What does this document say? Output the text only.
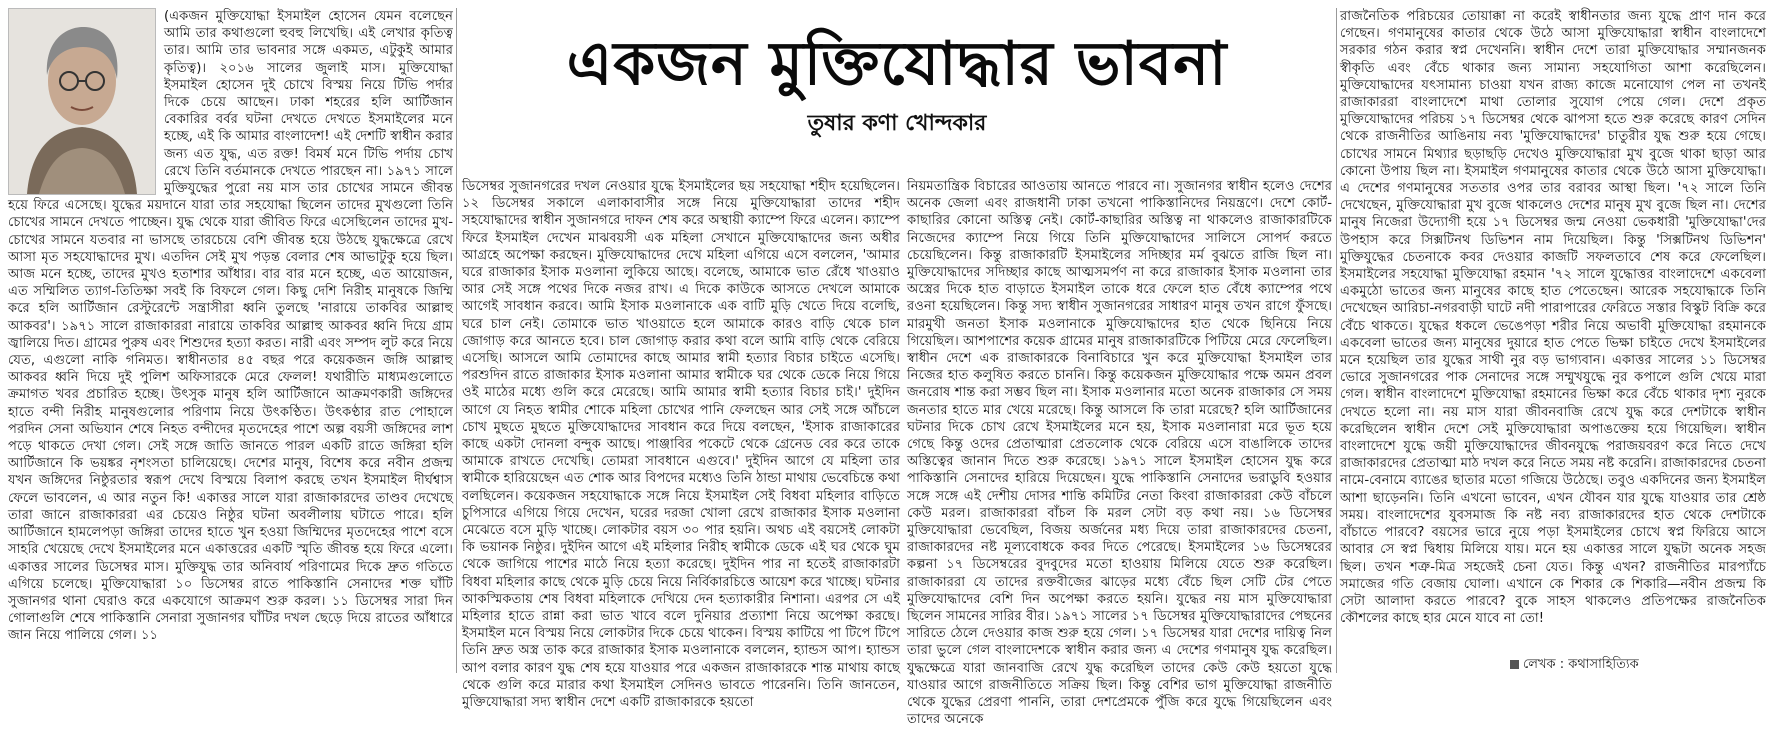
(একজন মুক্তিযোদ্ধা ইসমাইল হোসেন যেমন বলেছেন আমি তার কথাগুলো হুবহু লিখেছি। এই লেখার কৃতিত্ব তার। আমি তার ভাবনার সঙ্গে একমত, এটুকুই আমার কৃতিত্ব)। ২০১৬ সালের জুলাই মাস। মুক্তিযোদ্ধা ইসমাইল হোসেন দুই চোখে বিস্ময় নিয়ে টিভি পর্দার দিকে চেয়ে আছেন। ঢাকা শহরের হলি আর্টিজান বেকারির বর্বর ঘটনা দেখতে দেখতে ইসমাইলের মনে হচ্ছে, এই কি আমার বাংলাদেশ! এই দেশটি স্বাধীন করার জন্য এত যুদ্ধ, এত রক্ত! বিমর্ষ মনে টিভি পর্দায় চোখ রেখে তিনি বর্তমানকে দেখতে পারছেন না। ১৯৭১ সালে মুক্তিযুদ্ধের পুরো নয় মাস তার চোখের সামনে জীবন্ত হয়ে ফিরে এসেছে। যুদ্ধের ময়দানে যারা তার সহযোদ্ধা ছিলেন তাদের মুখগুলো তিনি চোখের সামনে দেখতে পাচ্ছেন। যুদ্ধ থেকে যারা জীবিত ফিরে এসেছিলেন তাদের মুখ-চোখের সামনে যতবার না ভাসছে তারচেয়ে বেশি জীবন্ত হয়ে উঠছে যুদ্ধক্ষেত্রে রেখে আসা মৃত সহযোদ্ধাদের মুখ। এতদিন সেই মুখ পড়ন্ত বেলার শেষ আভাটুকু হয়ে ছিল। আজ মনে হচ্ছে, তাদের মুখও হতাশার আঁধার। বার বার মনে হচ্ছে, এত আয়োজন, এত সম্মিলিত ত্যাগ-তিতিক্ষা সবই কি বিফলে গেল। কিছু দেশি নিরীহ মানুষকে জিম্মি করে হলি আর্টিজান রেস্টুরেন্টে সন্ত্রাসীরা ধ্বনি তুলছে 'নারায়ে তাকবির আল্লাহু আকবর'। ১৯৭১ সালে রাজাকাররা নারায়ে তাকবির আল্লাহু আকবর ধ্বনি দিয়ে গ্রাম জ্বালিয়ে দিত। গ্রামের পুরুষ এবং শিশুদের হত্যা করত। নারী এবং সম্পদ লুট করে নিয়ে যেত, এগুলো নাকি গনিমত। স্বাধীনতার ৪৫ বছর পরে কয়েকজন জঙ্গি আল্লাহু আকবর ধ্বনি দিয়ে দুই পুলিশ অফিসারকে মেরে ফেলল! যথারীতি মাধ্যমগুলোতে ক্রমাগত খবর প্রচারিত হচ্ছে। উৎসুক মানুষ হলি আর্টিজানে আক্রমণকারী জঙ্গিদের হাতে বন্দী নিরীহ মানুষগুলোর পরিণাম নিয়ে উৎকণ্ঠিত। উৎকণ্ঠার রাত পোহালে পরদিন সেনা অভিযান শেষে নিহত বন্দীদের মৃতদেহের পাশে অল্প বয়সী জঙ্গিদের লাশ পড়ে থাকতে দেখা গেল। সেই সঙ্গে জাতি জানতে পারল একটি রাতে জঙ্গিরা হলি আর্টিজানে কি ভয়ঙ্কর নৃশংসতা চালিয়েছে। দেশের মানুষ, বিশেষ করে নবীন প্রজন্ম যখন জঙ্গিদের নিষ্ঠুরতার স্বরূপ দেখে বিস্ময়ে বিলাপ করছে তখন ইসমাইল দীর্ঘশ্বাস ফেলে ভাবলেন, এ আর নতুন কি! একাত্তর সালে যারা রাজাকারদের তাণ্ডব দেখেছে তারা জানে রাজাকাররা এর চেয়েও নিষ্ঠুর ঘটনা অবলীলায় ঘটাতে পারে। হলি আর্টিজানে হামলেপড়া জঙ্গিরা তাদের হাতে খুন হওয়া জিম্মিদের মৃতদেহের পাশে বসে সাহরি খেয়েছে দেখে ইসমাইলের মনে একাত্তরের একটি স্মৃতি জীবন্ত হয়ে ফিরে এলো। একাত্তর সালের ডিসেম্বর মাস। মুক্তিযুদ্ধ তার অনিবার্য পরিণামের দিকে দ্রুত গতিতে এগিয়ে চলেছে। মুক্তিযোদ্ধারা ১০ ডিসেম্বর রাতে পাকিস্তানি সেনাদের শক্ত ঘাঁটি সুজানগর থানা ঘেরাও করে একযোগে আক্রমণ শুরু করল। ১১ ডিসেম্বর সারা দিন গোলাগুলি শেষে পাকিস্তানি সেনারা সুজানগর ঘাঁটির দখল ছেড়ে দিয়ে রাতের আঁধারে জান নিয়ে পালিয়ে গেল। ১১

একজন মুক্তিযোদ্ধার ভাবনা
তুষার কণা খোন্দকার

ডিসেম্বর সুজানগরের দখল নেওয়ার যুদ্ধে ইসমাইলের ছয় সহযোদ্ধা শহীদ হয়েছিলেন। ১২ ডিসেম্বর সকালে এলাকাবাসীর সঙ্গে নিয়ে মুক্তিযোদ্ধারা তাদের শহীদ সহযোদ্ধাদের স্বাধীন সুজানগরে দাফন শেষ করে অস্থায়ী ক্যাম্পে ফিরে এলেন। ক্যাম্পে ফিরে ইসমাইল দেখেন মাঝবয়সী এক মহিলা সেখানে মুক্তিযোদ্ধাদের জন্য অধীর আগ্রহে অপেক্ষা করছেন। মুক্তিযোদ্ধাদের দেখে মহিলা এগিয়ে এসে বললেন, 'আমার ঘরে রাজাকার ইসাক মওলানা লুকিয়ে আছে। বলেছে, আমাকে ভাত রেঁধে খাওয়াও আর সেই সঙ্গে পথের দিকে নজর রাখ। এ দিকে কাউকে আসতে দেখলে আমাকে আগেই সাবধান করবে। আমি ইসাক মওলানাকে এক বাটি মুড়ি খেতে দিয়ে বলেছি, ঘরে চাল নেই। তোমাকে ভাত খাওয়াতে হলে আমাকে কারও বাড়ি থেকে চাল জোগাড় করে আনতে হবে। চাল জোগাড় করার কথা বলে আমি বাড়ি থেকে বেরিয়ে এসেছি। আসলে আমি তোমাদের কাছে আমার স্বামী হত্যার বিচার চাইতে এসেছি। পরশুদিন রাতে রাজাকার ইসাক মওলানা আমার স্বামীকে ঘর থেকে ডেকে নিয়ে গিয়ে ওই মাঠের মধ্যে গুলি করে মেরেছে। আমি আমার স্বামী হত্যার বিচার চাই।' দুইদিন আগে যে নিহত স্বামীর শোকে মহিলা চোখের পানি ফেলছেন আর সেই সঙ্গে আঁচলে চোখ মুছতে মুছতে মুক্তিযোদ্ধাদের সাবধান করে দিয়ে বলছেন, 'ইসাক রাজাকারের কাছে একটা দোনলা বন্দুক আছে। পাঞ্জাবির পকেটে থেকে গ্রেনেড বের করে তাকে আমাকে রাখতে দেখেছি। তোমরা সাবধানে এগুবে।' দুইদিন আগে যে মহিলা তার স্বামীকে হারিয়েছেন এত শোক আর বিপদের মধ্যেও তিনি ঠান্ডা মাথায় ভেবেচিন্তে কথা বলছিলেন। কয়েকজন সহযোদ্ধাকে সঙ্গে নিয়ে ইসমাইল সেই বিধবা মহিলার বাড়িতে চুপিসারে এগিয়ে গিয়ে দেখেন, ঘরের দরজা খোলা রেখে রাজাকার ইসাক মওলানা মেঝেতে বসে মুড়ি খাচ্ছে। লোকটার বয়স ৩০ পার হয়নি। অথচ এই বয়সেই লোকটা কি ভয়ানক নিষ্ঠুর। দুইদিন আগে এই মহিলার নিরীহ স্বামীকে ডেকে এই ঘর থেকে ঘুম থেকে জাগিয়ে পাশের মাঠে নিয়ে হত্যা করেছে। দুইদিন পার না হতেই রাজাকারটা বিধবা মহিলার কাছে থেকে মুড়ি চেয়ে নিয়ে নির্বিকারচিত্তে আয়েশ করে খাচ্ছে। ঘটনার আকস্মিকতায় শেষ বিধবা মহিলাকে দেখিয়ে দেন হত্যাকারীর নিশানা। এরপর সে এই মহিলার হাতে রান্না করা ভাত খাবে বলে দুনিয়ার প্রত্যাশা নিয়ে অপেক্ষা করছে। ইসমাইল মনে বিস্ময় নিয়ে লোকটার দিকে চেয়ে থাকেন। বিস্ময় কাটিয়ে পা টিপে টিপে তিনি দ্রুত অস্ত্র তাক করে রাজাকার ইসাক মওলানাকে বললেন, হ্যান্ডস আপ। হ্যান্ডস আপ বলার কারণ যুদ্ধ শেষ হয়ে যাওয়ার পরে একজন রাজাকারকে শান্ত মাথায় কাছে থেকে গুলি করে মারার কথা ইসমাইল সেদিনও ভাবতে পারেননি। তিনি জানতেন, মুক্তিযোদ্ধারা সদ্য স্বাধীন দেশে একটি রাজাকারকে হয়তো

নিয়মতান্ত্রিক বিচারের আওতায় আনতে পারবে না। সুজানগর স্বাধীন হলেও দেশের অনেক জেলা এবং রাজধানী ঢাকা তখনো পাকিস্তানিদের নিয়ন্ত্রণে। দেশে কোর্ট-কাছারির কোনো অস্তিত্ব নেই। কোর্ট-কাছারির অস্তিত্ব না থাকলেও রাজাকারটিকে নিজেদের ক্যাম্পে নিয়ে গিয়ে তিনি মুক্তিযোদ্ধাদের সালিসে সোপর্দ করতে চেয়েছিলেন। কিন্তু রাজাকারটি ইসমাইলের সদিচ্ছার মর্ম বুঝতে রাজি ছিল না। মুক্তিযোদ্ধাদের সদিচ্ছার কাছে আত্মসমর্পণ না করে রাজাকার ইসাক মওলানা তার অস্ত্রের দিকে হাত বাড়াতে ইসমাইল তাকে ধরে ফেলে হাত বেঁধে ক্যাম্পের পথে রওনা হয়েছিলেন। কিন্তু সদ্য স্বাধীন সুজানগরের সাধারণ মানুষ তখন রাগে ফুঁসছে। মারমুখী জনতা ইসাক মওলানাকে মুক্তিযোদ্ধাদের হাত থেকে ছিনিয়ে নিয়ে গিয়েছিল। আশপাশের কয়েক গ্রামের মানুষ রাজাকারটিকে পিটিয়ে মেরে ফেলেছিল। স্বাধীন দেশে এক রাজাকারকে বিনাবিচারে খুন করে মুক্তিযোদ্ধা ইসমাইল তার নিজের হাত কলুষিত করতে চাননি। কিন্তু কয়েকজন মুক্তিযোদ্ধার পক্ষে অমন প্রবল জনরোষ শান্ত করা সম্ভব ছিল না। ইসাক মওলানার মতো অনেক রাজাকার সে সময় জনতার হাতে মার খেয়ে মরেছে। কিন্তু আসলে কি তারা মরেছে? হলি আর্টিজানের ঘটনার দিকে চোখ রেখে ইসমাইলের মনে হয়, ইসাক মওলানারা মরে ভূত হয়ে গেছে কিন্তু ওদের প্রেতাত্মারা প্রেতলোক থেকে বেরিয়ে এসে বাঙালিকে তাদের অস্তিত্বের জানান দিতে শুরু করেছে। ১৯৭১ সালে ইসমাইল হোসেন যুদ্ধ করে পাকিস্তানি সেনাদের হারিয়ে দিয়েছেন। যুদ্ধে পাকিস্তানি সেনাদের ভরাডুবি হওয়ার সঙ্গে সঙ্গে এই দেশীয় দোসর শান্তি কমিটির নেতা কিংবা রাজাকাররা কেউ বাঁচলে কেউ মরল। রাজাকাররা বাঁচল কি মরল সেটা বড় কথা নয়। ১৬ ডিসেম্বর মুক্তিযোদ্ধারা ভেবেছিল, বিজয় অর্জনের মধ্য দিয়ে তারা রাজাকারদের চেতনা, রাজাকারদের নষ্ট মূল্যবোধকে কবর দিতে পেরেছে। ইসমাইলের ১৬ ডিসেম্বরের কল্পনা ১৭ ডিসেম্বরের বুদবুদের মতো হাওয়ায় মিলিয়ে যেতে শুরু করেছিল। রাজাকাররা যে তাদের রক্তবীজের ঝাড়ের মধ্যে বেঁচে ছিল সেটি টের পেতে মুক্তিযোদ্ধাদের বেশি দিন অপেক্ষা করতে হয়নি। যুদ্ধের নয় মাস মুক্তিযোদ্ধারা ছিলেন সামনের সারির বীর। ১৯৭১ সালের ১৭ ডিসেম্বর মুক্তিযোদ্ধারাদের পেছনের সারিতে ঠেলে দেওয়ার কাজ শুরু হয়ে গেল। ১৭ ডিসেম্বর যারা দেশের দায়িত্ব নিল তারা ভুলে গেল বাংলাদেশকে স্বাধীন করার জন্য এ দেশের গণমানুষ যুদ্ধ করেছিল। যুদ্ধক্ষেত্রে যারা জানবাজি রেখে যুদ্ধ করেছিল তাদের কেউ কেউ হয়তো যুদ্ধে যাওয়ার আগে রাজনীতিতে সক্রিয় ছিল। কিন্তু বেশির ভাগ মুক্তিযোদ্ধা রাজনীতি থেকে যুদ্ধের প্রেরণা পাননি, তারা দেশপ্রেমকে পুঁজি করে যুদ্ধে গিয়েছিলেন এবং তাদের অনেকে

রাজনৈতিক পরিচয়ের তোয়াক্কা না করেই স্বাধীনতার জন্য যুদ্ধে প্রাণ দান করে গেছেন। গণমানুষের কাতার থেকে উঠে আসা মুক্তিযোদ্ধারা স্বাধীন বাংলাদেশে সরকার গঠন করার স্বপ্ন দেখেননি। স্বাধীন দেশে তারা মুক্তিযোদ্ধার সম্মানজনক স্বীকৃতি এবং বেঁচে থাকার জন্য সামান্য সহযোগিতা আশা করেছিলেন। মুক্তিযোদ্ধাদের যৎসামান্য চাওয়া যখন রাজ্য কাজে মনোযোগ পেল না তখনই রাজাকাররা বাংলাদেশে মাথা তোলার সুযোগ পেয়ে গেল। দেশে প্রকৃত মুক্তিযোদ্ধাদের পরিচয় ১৭ ডিসেম্বর থেকে ঝাপসা হতে শুরু করেছে কারণ সেদিন থেকে রাজনীতির আঙিনায় নব্য 'মুক্তিযোদ্ধাদের' চাতুরীর যুদ্ধ শুরু হয়ে গেছে। চোখের সামনে মিথ্যার ছড়াছড়ি দেখেও মুক্তিযোদ্ধারা মুখ বুজে থাকা ছাড়া আর কোনো উপায় ছিল না। ইসমাইল গণমানুষের কাতার থেকে উঠে আসা মুক্তিযোদ্ধা। এ দেশের গণমানুষের সততার ওপর তার বরাবর আস্থা ছিল। '৭২ সালে তিনি দেখেছেন, মুক্তিযোদ্ধারা মুখ বুজে থাকলেও দেশের মানুষ মুখ বুজে ছিল না। দেশের মানুষ নিজেরা উদ্যোগী হয়ে ১৭ ডিসেম্বর জন্ম নেওয়া ভেকধারী 'মুক্তিযোদ্ধা'দের উপহাস করে সিক্সটিনথ ডিভিশন নাম দিয়েছিল। কিন্তু 'সিক্সটিনথ ডিভিশন' মুক্তিযুদ্ধের চেতনাকে কবর দেওয়ার কাজটি সফলতাবে শেষ করে ফেলেছিল। ইসমাইলের সহযোদ্ধা মুক্তিযোদ্ধা রহমান '৭২ সালে যুদ্ধোত্তর বাংলাদেশে একবেলা একমুঠো ভাতের জন্য মানুষের কাছে হাত পেতেছেন। আরেক সহযোদ্ধাকে তিনি দেখেছেন আরিচা-নগরবাড়ী ঘাটে নদী পারাপারের ফেরিতে সস্তার বিস্কুট বিক্রি করে বেঁচে থাকতে। যুদ্ধের ধকলে ভেঙেপড়া শরীর নিয়ে অভাবী মুক্তিযোদ্ধা রহমানকে একবেলা ভাতের জন্য মানুষের দুয়ারে হাত পেতে ভিক্ষা চাইতে দেখে ইসমাইলের মনে হয়েছিল তার যুদ্ধের সাথী নুর বড় ভাগ্যবান। একাত্তর সালের ১১ ডিসেম্বর ভোরে সুজানগরের পাক সেনাদের সঙ্গে সম্মুখযুদ্ধে নুর কপালে গুলি খেয়ে মারা গেল। স্বাধীন বাংলাদেশে মুক্তিযোদ্ধা রহমানের ভিক্ষা করে বেঁচে থাকার দৃশ্য নুরকে দেখতে হলো না। নয় মাস যারা জীবনবাজি রেখে যুদ্ধ করে দেশটাকে স্বাধীন করেছিলেন স্বাধীন দেশে সেই মুক্তিযোদ্ধারা অপাঙক্তেয় হয়ে গিয়েছিল। স্বাধীন বাংলাদেশে যুদ্ধে জয়ী মুক্তিযোদ্ধাদের জীবনযুদ্ধে পরাজয়বরণ করে নিতে দেখে রাজাকারদের প্রেতাত্মা মাঠ দখল করে নিতে সময় নষ্ট করেনি। রাজাকারদের চেতনা নামে-বেনামে ব্যাঙের ছাতার মতো গজিয়ে উঠেছে। তবুও একদিনের জন্য ইসমাইল আশা ছাড়েননি। তিনি এখনো ভাবেন, এখন যৌবন যার যুদ্ধে যাওয়ার তার শ্রেষ্ঠ সময়। বাংলাদেশের যুবসমাজ কি নষ্ট নব্য রাজাকারদের হাত থেকে দেশটাকে বাঁচাতে পারবে? বয়সের ভারে নুয়ে পড়া ইসমাইলের চোখে স্বপ্ন ফিরিয়ে আসে আবার সে স্বপ্ন দ্বিধায় মিলিয়ে যায়। মনে হয় একাত্তর সালে যুদ্ধটা অনেক সহজ ছিল। তখন শত্রু-মিত্র সহজেই চেনা যেত। কিন্তু এখন? রাজনীতির মারপ্যাঁচে সমাজের গতি বেজায় ঘোলা। এখানে কে শিকার কে শিকারি—নবীন প্রজন্ম কি সেটা আলাদা করতে পারবে? বুকে সাহস থাকলেও প্রতিপক্ষের রাজনৈতিক কৌশলের কাছে হার মেনে যাবে না তো!

লেখক : কথাসাহিত্যিক
